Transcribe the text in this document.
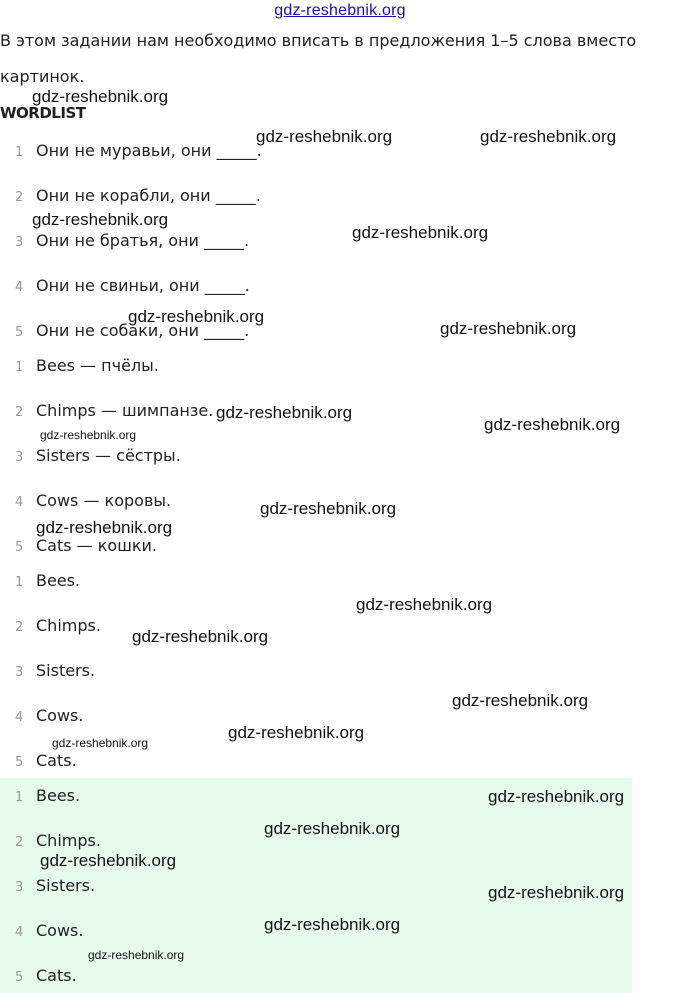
gdz-reshebnik.org
В этом задании нам необходимо вписать в предложения 1–5 слова вместо
картинок.
WORDLIST
1 Они не муравьи, они _____.
2 Они не корабли, они _____.
3 Они не братья, они _____.
4 Они не свиньи, они _____.
5 Они не собаки, они _____.
1 Bees — пчёлы.
2 Chimps — шимпанзе.
3 Sisters — сёстры.
4 Cows — коровы.
5 Cats — кошки.
1 Bees.
2 Chimps.
3 Sisters.
4 Cows.
5 Cats.
1 Bees.
2 Chimps.
3 Sisters.
4 Cows.
5 Cats.
gdz-reshebnik.org
gdz-reshebnik.org	gdz-reshebnik.org
gdz-reshebnik.org
gdz-reshebnik.org
gdz-reshebnik.org
gdz-reshebnik.org
gdz-reshebnik.org
gdz-reshebnik.org
gdz-reshebnik.org
gdz-reshebnik.org
gdz-reshebnik.org
gdz-reshebnik.org
gdz-reshebnik.org
gdz-reshebnik.org
gdz-reshebnik.org
gdz-reshebnik.org
gdz-reshebnik.org
gdz-reshebnik.org
gdz-reshebnik.org
gdz-reshebnik.org
gdz-reshebnik.org
gdz-reshebnik.org
